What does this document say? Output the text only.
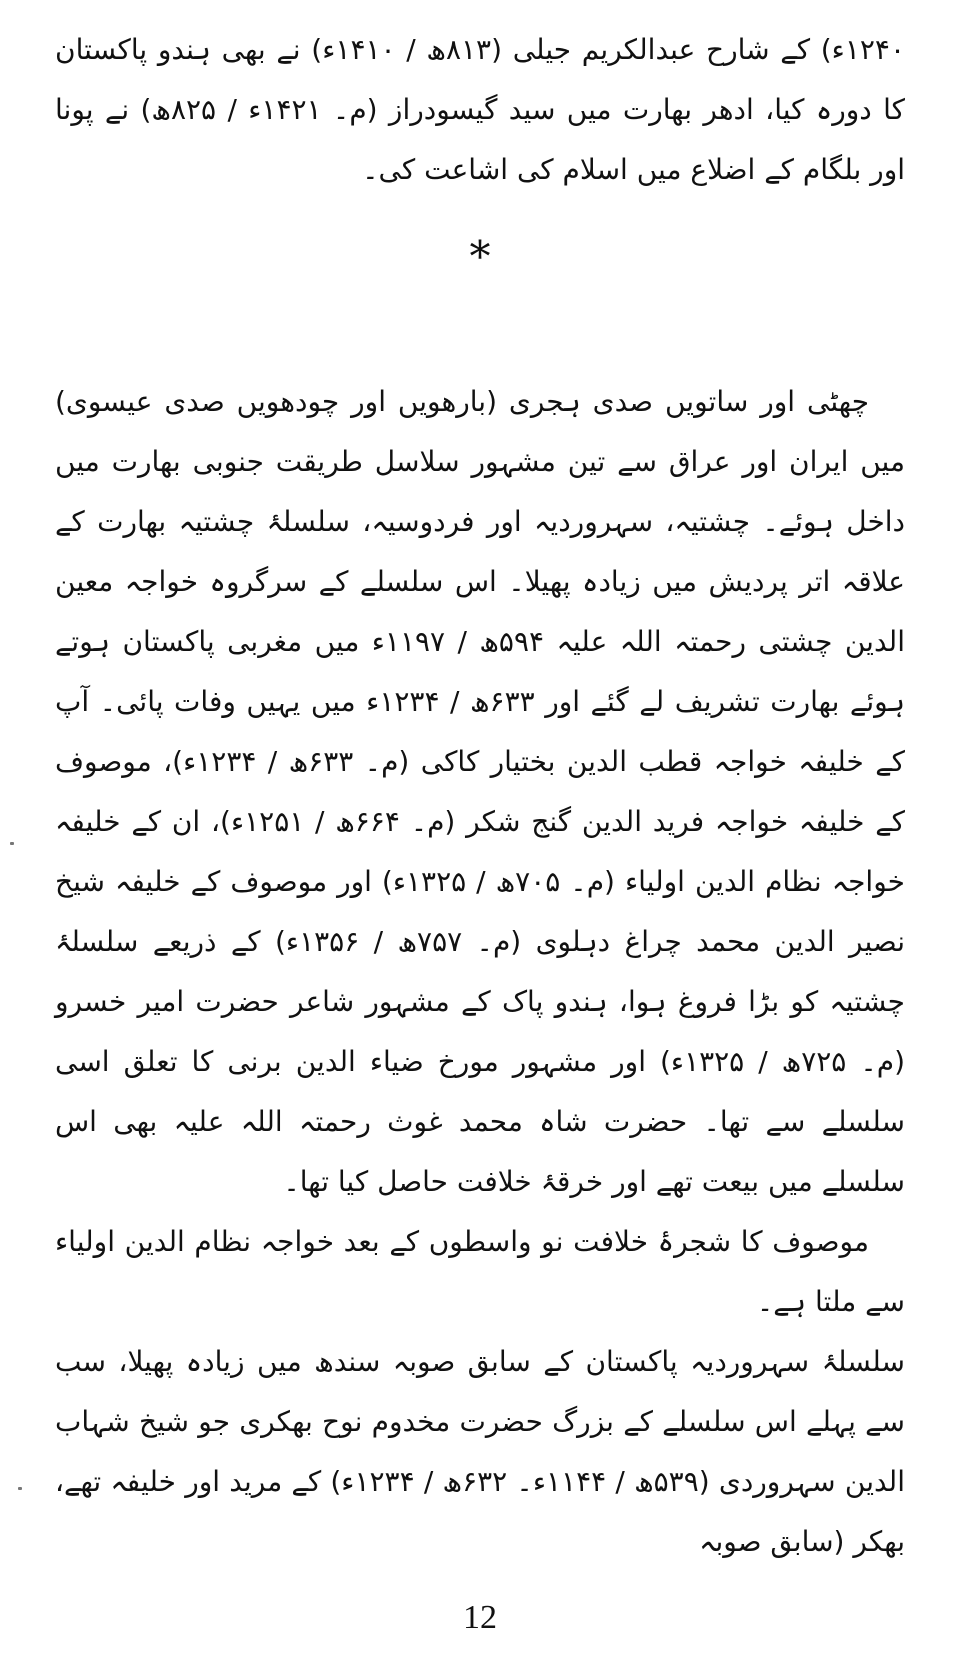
۱۲۴۰ء) کے شارح عبدالکریم جیلی (۸۱۳ھ / ۱۴۱۰ء) نے بھی ہندو پاکستان کا دورہ کیا، ادھر بھارت میں سید گیسودراز (م۔ ۱۴۲۱ء / ۸۲۵ھ) نے پونا اور بلگام کے اضلاع میں اسلام کی اشاعت کی۔

*

چھٹی اور ساتویں صدی ہجری (بارھویں اور چودھویں صدی عیسوی) میں ایران اور عراق سے تین مشہور سلاسل طریقت جنوبی بھارت میں داخل ہوئے۔ چشتیہ، سہروردیہ اور فردوسیہ، سلسلۂ چشتیہ بھارت کے علاقہ اتر پردیش میں زیادہ پھیلا۔ اس سلسلے کے سرگروہ خواجہ معین الدین چشتی رحمتہ اللہ علیہ ۵۹۴ھ / ۱۱۹۷ء میں مغربی پاکستان ہوتے ہوئے بھارت تشریف لے گئے اور ۶۳۳ھ / ۱۲۳۴ء میں یہیں وفات پائی۔ آپ کے خلیفہ خواجہ قطب الدین بختیار کاکی (م۔ ۶۳۳ھ / ۱۲۳۴ء)، موصوف کے خلیفہ خواجہ فرید الدین گنج شکر (م۔ ۶۶۴ھ / ۱۲۵۱ء)، ان کے خلیفہ خواجہ نظام الدین اولیاء (م۔ ۷۰۵ھ / ۱۳۲۵ء) اور موصوف کے خلیفہ شیخ نصیر الدین محمد چراغ دہلوی (م۔ ۷۵۷ھ / ۱۳۵۶ء) کے ذریعے سلسلۂ چشتیہ کو بڑا فروغ ہوا، ہندو پاک کے مشہور شاعر حضرت امیر خسرو (م۔ ۷۲۵ھ / ۱۳۲۵ء) اور مشہور مورخ ضیاء الدین برنی کا تعلق اسی سلسلے سے تھا۔ حضرت شاہ محمد غوث رحمتہ اللہ علیہ بھی اس سلسلے میں بیعت تھے اور خرقۂ خلافت حاصل کیا تھا۔

موصوف کا شجرۂ خلافت نو واسطوں کے بعد خواجہ نظام الدین اولیاء سے ملتا ہے۔

سلسلۂ سہروردیہ پاکستان کے سابق صوبہ سندھ میں زیادہ پھیلا، سب سے پہلے اس سلسلے کے بزرگ حضرت مخدوم نوح بھکری جو شیخ شہاب الدین سہروردی (۵۳۹ھ / ۱۱۴۴ء۔ ۶۳۲ھ / ۱۲۳۴ء) کے مرید اور خلیفہ تھے، بھکر (سابق صوبہ

12
